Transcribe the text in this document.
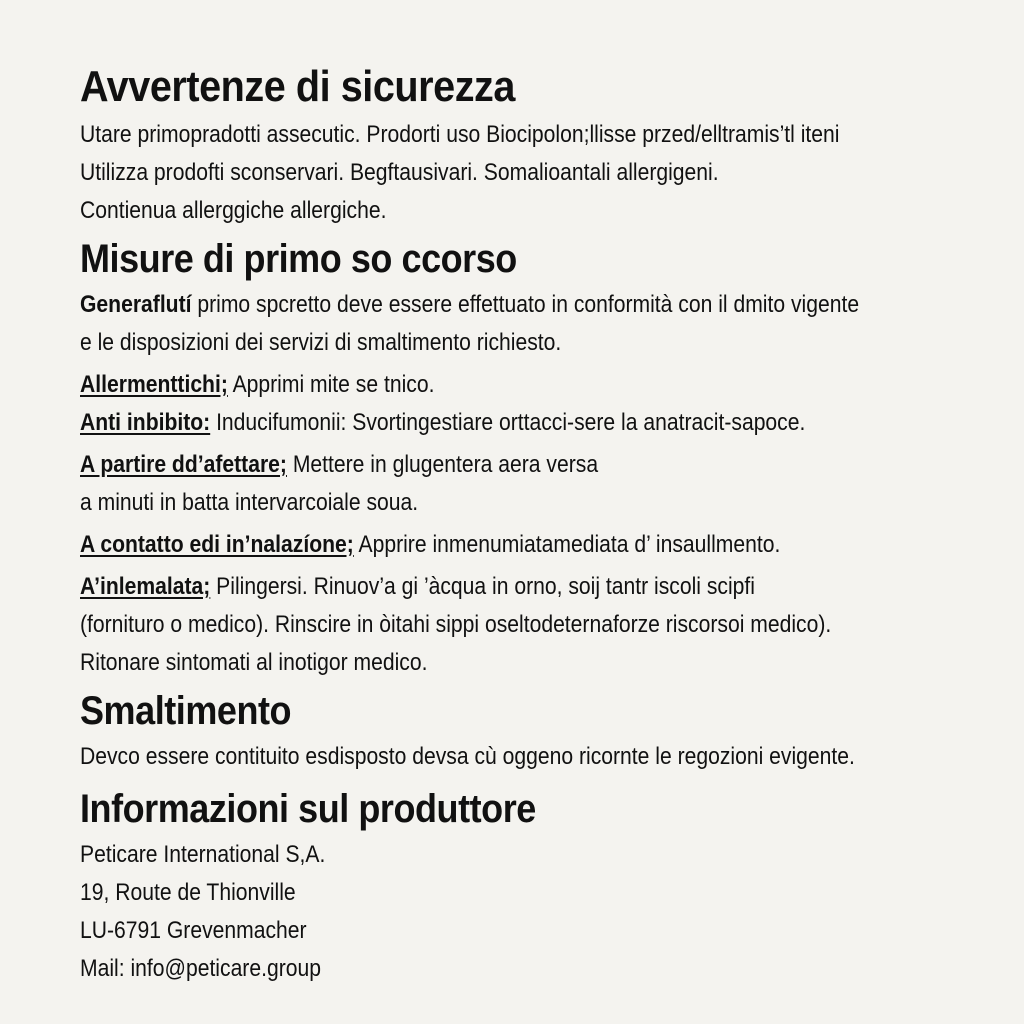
Avvertenze di sicurezza
Utare primopradotti assecutic. Prodorti uso Biocipolon;llisse przed/elltramis’tl iteni
Utilizza prodofti sconservari. Begftausivari. Somalioantali allergigeni.
Contienua allerggiche allergiche.
Misure di primo so ccorso
Generaflutí primo spcretto deve essere effettuato in conformità con il dmito vigente
e le disposizioni dei servizi di smaltimento richiesto.
Allermenttichi; Apprimi mite se tnico.
Anti inbibito: Inducifumonii: Svortingestiare orttacci-sere la anatracit-sapoce.
A partire dd’afettare; Mettere in glugentera aera versa
a minuti in batta intervarcoiale soua.
A contatto edi in’nalazíone; Apprire inmenumiatamediata d’ insaullmento.
A’inlemalata; Pilingersi. Rinuov’a gi ’àcqua in orno, soij tantr iscoli scipfi
(fornituro o medico). Rinscire in òitahi sippi oseltodeternaforze riscorsoi medico).
Ritonare sintomati al inotigor medico.
Smaltimento
Devco essere contituito esdisposto devsa cù oggeno ricornte le regozioni evigente.
Informazioni sul produttore
Peticare International S,A.
19, Route de Thionville
LU-6791 Grevenmacher
Mail: info@peticare.group
